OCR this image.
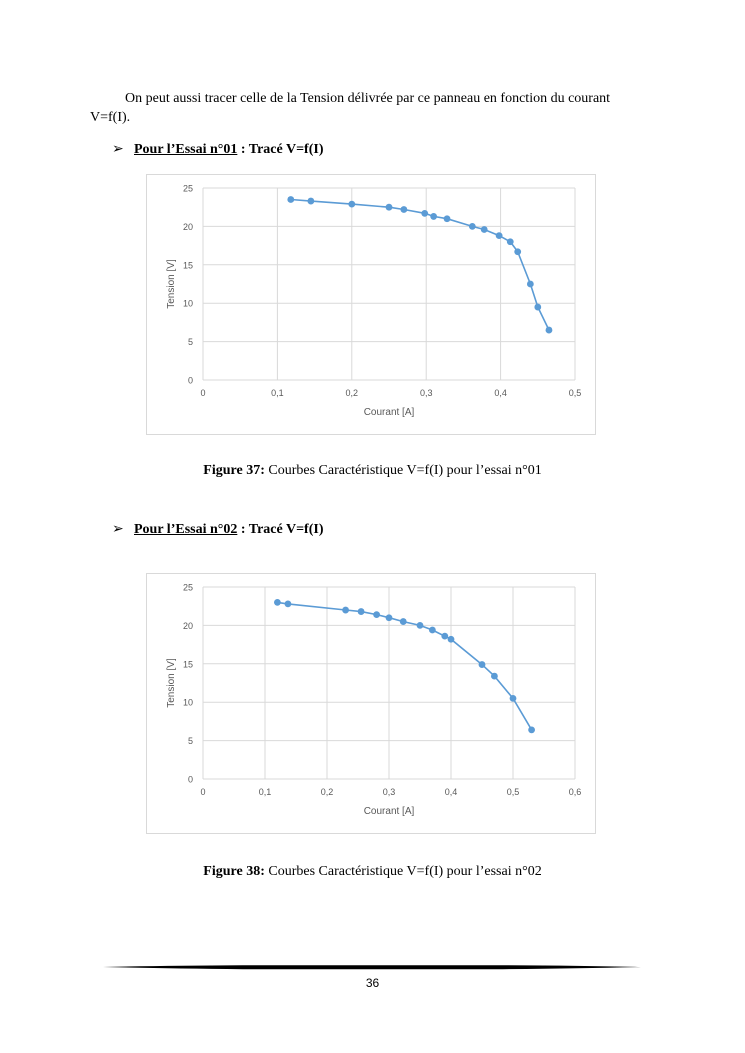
On peut aussi tracer celle de la Tension délivrée par ce panneau en fonction du courant V=f(I).

➢ Pour l’Essai n°01 : Tracé V=f(I)
0
5
10
15
20
25
0	0,1	0,2	0,3	0,4	0,5
Courant [A]
Tension [V]
Figure 37: Courbes Caractéristique V=f(I) pour l’essai n°01
➢ Pour l’Essai n°02 : Tracé V=f(I)
0
5
10
15
20
25
0	0,1	0,2	0,3	0,4	0,5	0,6
Courant [A]
Tension [V]
Figure 38: Courbes Caractéristique V=f(I) pour l’essai n°02
36
